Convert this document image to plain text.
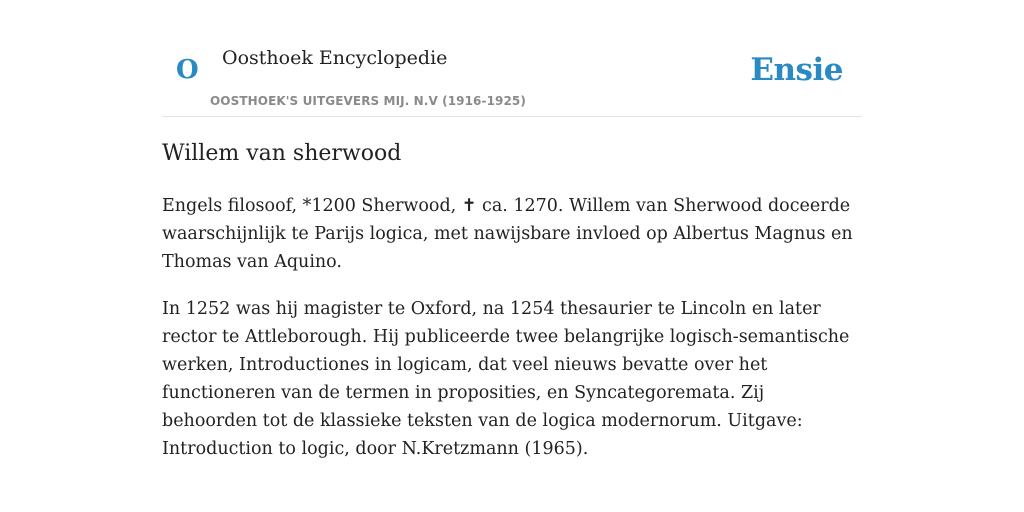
O Oosthoek Encyclopedie
OOSTHOEK'S UITGEVERS MIJ. N.V (1916-1925)
Ensie
Willem van sherwood

Engels filosoof, *1200 Sherwood, ✝ ca. 1270. Willem van Sherwood doceerde waarschijnlijk te Parijs logica, met nawijsbare invloed op Albertus Magnus en Thomas van Aquino.

In 1252 was hij magister te Oxford, na 1254 thesaurier te Lincoln en later rector te Attleborough. Hij publiceerde twee belangrijke logisch-semantische werken, Introductiones in logicam, dat veel nieuws bevatte over het functioneren van de termen in proposities, en Syncategoremata. Zij behoorden tot de klassieke teksten van de logica modernorum. Uitgave: Introduction to logic, door N.Kretzmann (1965).
